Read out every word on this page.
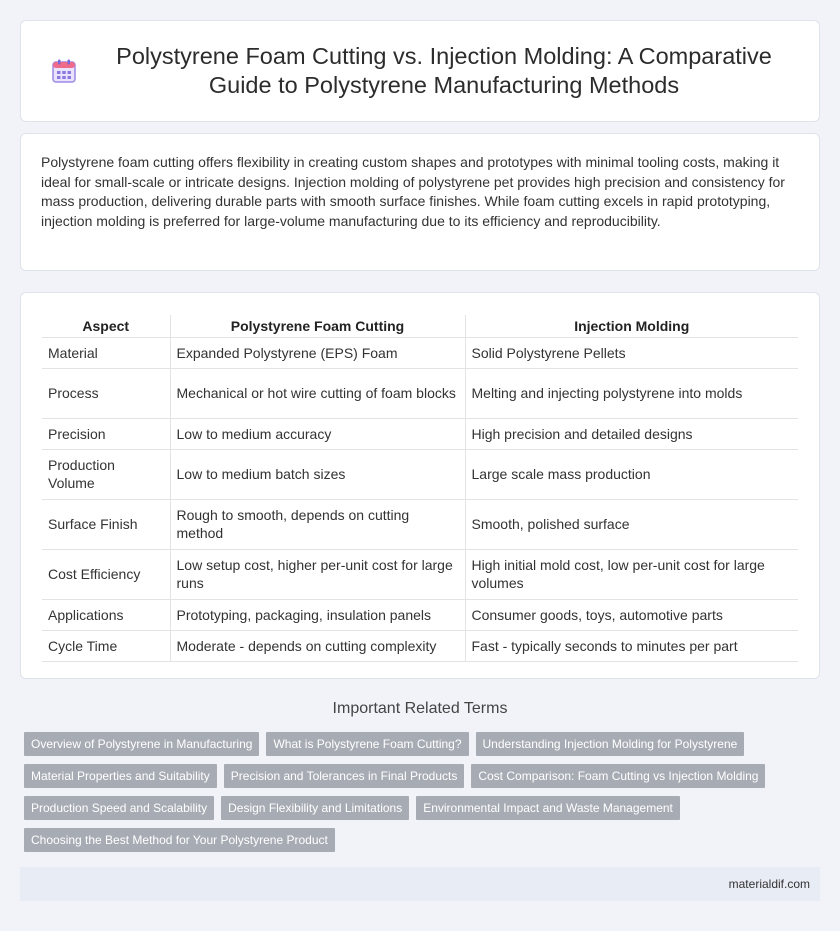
Polystyrene Foam Cutting vs. Injection Molding: A Comparative Guide to Polystyrene Manufacturing Methods

Polystyrene foam cutting offers flexibility in creating custom shapes and prototypes with minimal tooling costs, making it ideal for small-scale or intricate designs. Injection molding of polystyrene pet provides high precision and consistency for mass production, delivering durable parts with smooth surface finishes. While foam cutting excels in rapid prototyping, injection molding is preferred for large-volume manufacturing due to its efficiency and reproducibility.

Aspect	Polystyrene Foam Cutting	Injection Molding
Material	Expanded Polystyrene (EPS) Foam	Solid Polystyrene Pellets
Process	Mechanical or hot wire cutting of foam blocks	Melting and injecting polystyrene into molds
Precision	Low to medium accuracy	High precision and detailed designs
Production Volume	Low to medium batch sizes	Large scale mass production
Surface Finish	Rough to smooth, depends on cutting method	Smooth, polished surface
Cost Efficiency	Low setup cost, higher per-unit cost for large runs	High initial mold cost, low per-unit cost for large volumes
Applications	Prototyping, packaging, insulation panels	Consumer goods, toys, automotive parts
Cycle Time	Moderate - depends on cutting complexity	Fast - typically seconds to minutes per part
Important Related Terms
Overview of Polystyrene in Manufacturing	What is Polystyrene Foam Cutting?	Understanding Injection Molding for Polystyrene
Material Properties and Suitability	Precision and Tolerances in Final Products	Cost Comparison: Foam Cutting vs Injection Molding
Production Speed and Scalability	Design Flexibility and Limitations	Environmental Impact and Waste Management
Choosing the Best Method for Your Polystyrene Product
materialdif.com
